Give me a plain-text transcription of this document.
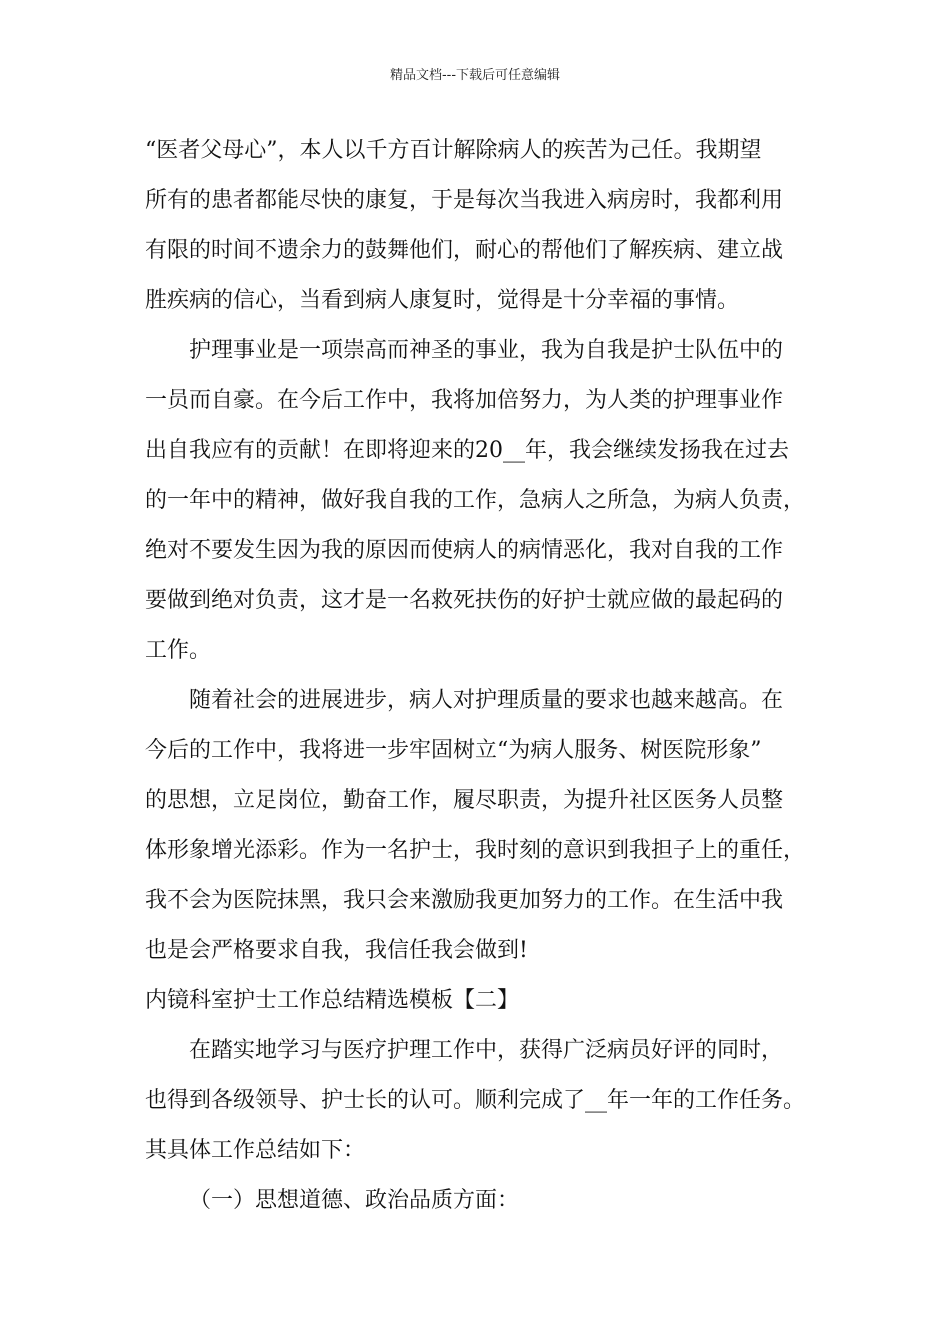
精品文档---下载后可任意编辑
“医者父母心”，本人以千方百计解除病人的疾苦为己任。我期望
所有的患者都能尽快的康复，于是每次当我进入病房时，我都利用
有限的时间不遗余力的鼓舞他们，耐心的帮他们了解疾病、建立战
胜疾病的信心，当看到病人康复时，觉得是十分幸福的事情。
护理事业是一项崇高而神圣的事业，我为自我是护士队伍中的
一员而自豪。在今后工作中，我将加倍努力，为人类的护理事业作
出自我应有的贡献！在即将迎来的20__年，我会继续发扬我在过去
的一年中的精神，做好我自我的工作，急病人之所急，为病人负责，
绝对不要发生因为我的原因而使病人的病情恶化，我对自我的工作
要做到绝对负责，这才是一名救死扶伤的好护士就应做的最起码的
工作。
随着社会的进展进步，病人对护理质量的要求也越来越高。在
今后的工作中，我将进一步牢固树立“为病人服务、树医院形象”
的思想，立足岗位，勤奋工作，履尽职责，为提升社区医务人员整
体形象增光添彩。作为一名护士，我时刻的意识到我担子上的重任，
我不会为医院抹黑，我只会来激励我更加努力的工作。在生活中我
也是会严格要求自我，我信任我会做到!
内镜科室护士工作总结精选模板【二】
在踏实地学习与医疗护理工作中，获得广泛病员好评的同时，
也得到各级领导、护士长的认可。顺利完成了__年一年的工作任务。
其具体工作总结如下：
（一）思想道德、政治品质方面：
